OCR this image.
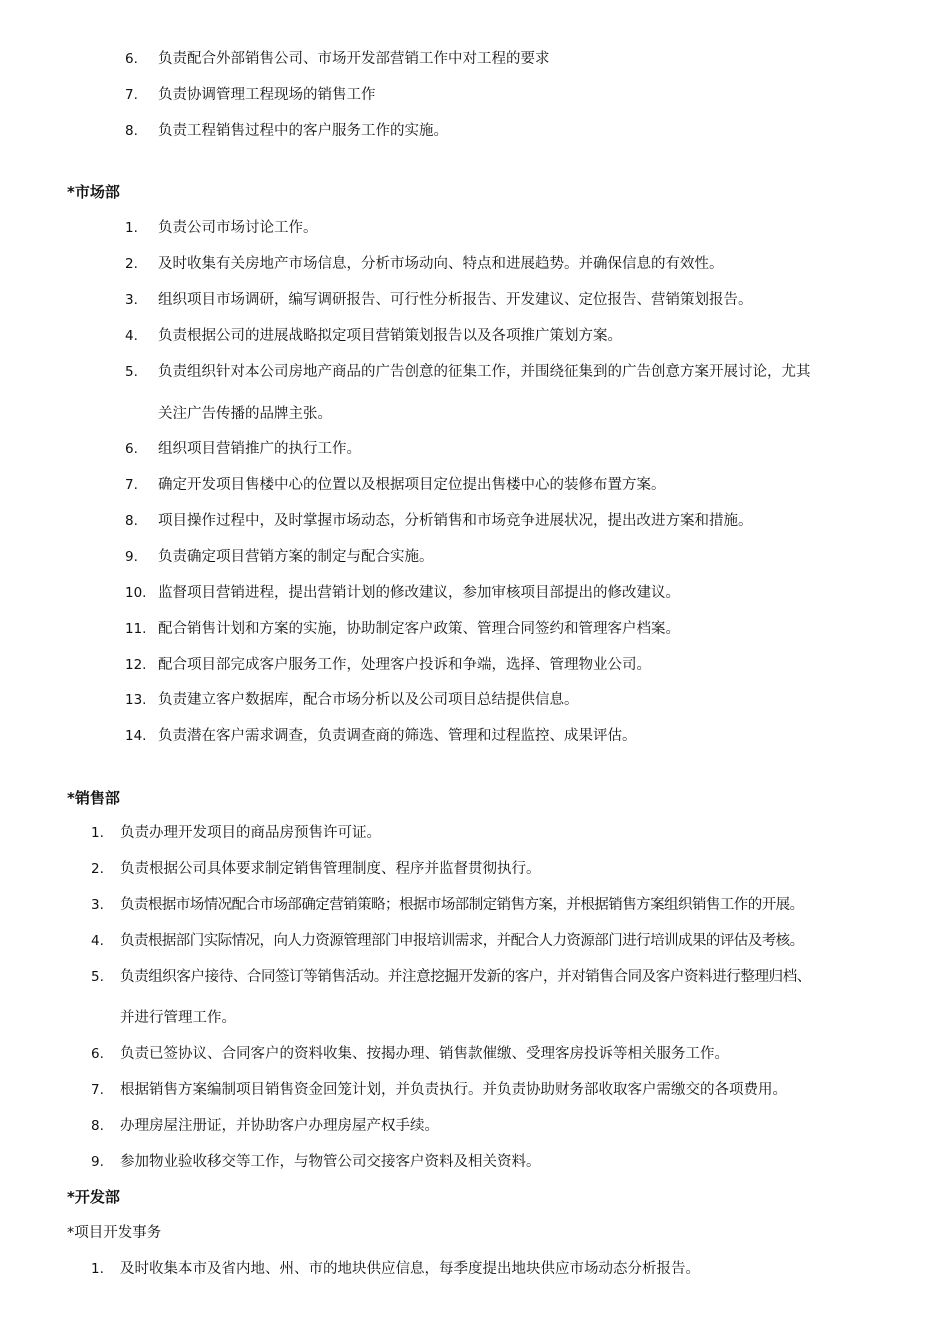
6. 负责配合外部销售公司、市场开发部营销工作中对工程的要求
7. 负责协调管理工程现场的销售工作
8. 负责工程销售过程中的客户服务工作的实施。
*市场部
1. 负责公司市场讨论工作。
2. 及时收集有关房地产市场信息，分析市场动向、特点和进展趋势。并确保信息的有效性。
3. 组织项目市场调研，编写调研报告、可行性分析报告、开发建议、定位报告、营销策划报告。
4. 负责根据公司的进展战略拟定项目营销策划报告以及各项推广策划方案。
5. 负责组织针对本公司房地产商品的广告创意的征集工作，并围绕征集到的广告创意方案开展讨论，尤其
关注广告传播的品牌主张。
6. 组织项目营销推广的执行工作。
7. 确定开发项目售楼中心的位置以及根据项目定位提出售楼中心的装修布置方案。
8. 项目操作过程中，及时掌握市场动态，分析销售和市场竞争进展状况，提出改进方案和措施。
9. 负责确定项目营销方案的制定与配合实施。
10. 监督项目营销进程，提出营销计划的修改建议，参加审核项目部提出的修改建议。
11. 配合销售计划和方案的实施，协助制定客户政策、管理合同签约和管理客户档案。
12. 配合项目部完成客户服务工作，处理客户投诉和争端，选择、管理物业公司。
13. 负责建立客户数据库，配合市场分析以及公司项目总结提供信息。
14. 负责潜在客户需求调查，负责调查商的筛选、管理和过程监控、成果评估。
*销售部
1. 负责办理开发项目的商品房预售许可证。
2. 负责根据公司具体要求制定销售管理制度、程序并监督贯彻执行。
3. 负责根据市场情况配合市场部确定营销策略；根据市场部制定销售方案，并根据销售方案组织销售工作的开展。
4. 负责根据部门实际情况，向人力资源管理部门申报培训需求，并配合人力资源部门进行培训成果的评估及考核。
5. 负责组织客户接待、合同签订等销售活动。并注意挖掘开发新的客户，并对销售合同及客户资料进行整理归档、
并进行管理工作。
6. 负责已签协议、合同客户的资料收集、按揭办理、销售款催缴、受理客房投诉等相关服务工作。
7. 根据销售方案编制项目销售资金回笼计划，并负责执行。并负责协助财务部收取客户需缴交的各项费用。
8. 办理房屋注册证，并协助客户办理房屋产权手续。
9. 参加物业验收移交等工作，与物管公司交接客户资料及相关资料。
*开发部
*项目开发事务
1. 及时收集本市及省内地、州、市的地块供应信息，每季度提出地块供应市场动态分析报告。
